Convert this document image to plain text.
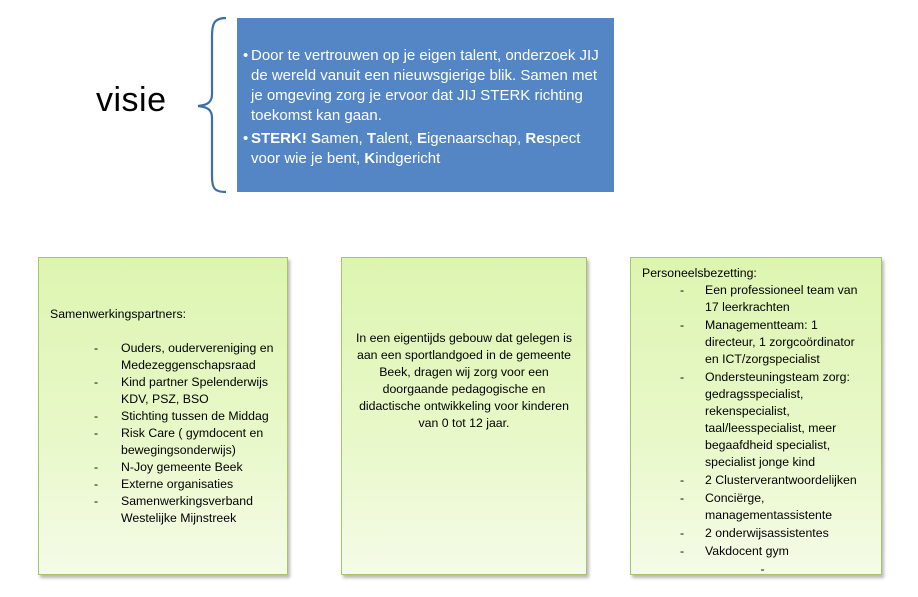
visie

• Door te vertrouwen op je eigen talent, onderzoek JIJ de wereld vanuit een nieuwsgierige blik. Samen met je omgeving zorg je ervoor dat JIJ STERK richting toekomst kan gaan.

• STERK! Samen, Talent, Eigenaarschap, Respect voor wie je bent, Kindgericht

Samenwerkingspartners:

- Ouders, oudervereniging en Medezeggenschapsraad
- Kind partner Spelenderwijs KDV, PSZ, BSO
- Stichting tussen de Middag
- Risk Care ( gymdocent en bewegingsonderwijs)
- N-Joy gemeente Beek
- Externe organisaties
- Samenwerkingsverband Westelijke Mijnstreek

In een eigentijds gebouw dat gelegen is aan een sportlandgoed in de gemeente Beek, dragen wij zorg voor een doorgaande pedagogische en didactische ontwikkeling voor kinderen van 0 tot 12 jaar.

Personeelsbezetting:

- Een professioneel team van 17 leerkrachten
- Managementteam: 1 directeur, 1 zorgcoördinator en ICT/zorgspecialist
- Ondersteuningsteam zorg: gedragsspecialist, rekenspecialist, taal/leesspecialist, meer begaafdheid specialist, specialist jonge kind
- 2 Clusterverantwoordelijken
- Conciërge, managementassistente
- 2 onderwijsassistentes
- Vakdocent gym
-
